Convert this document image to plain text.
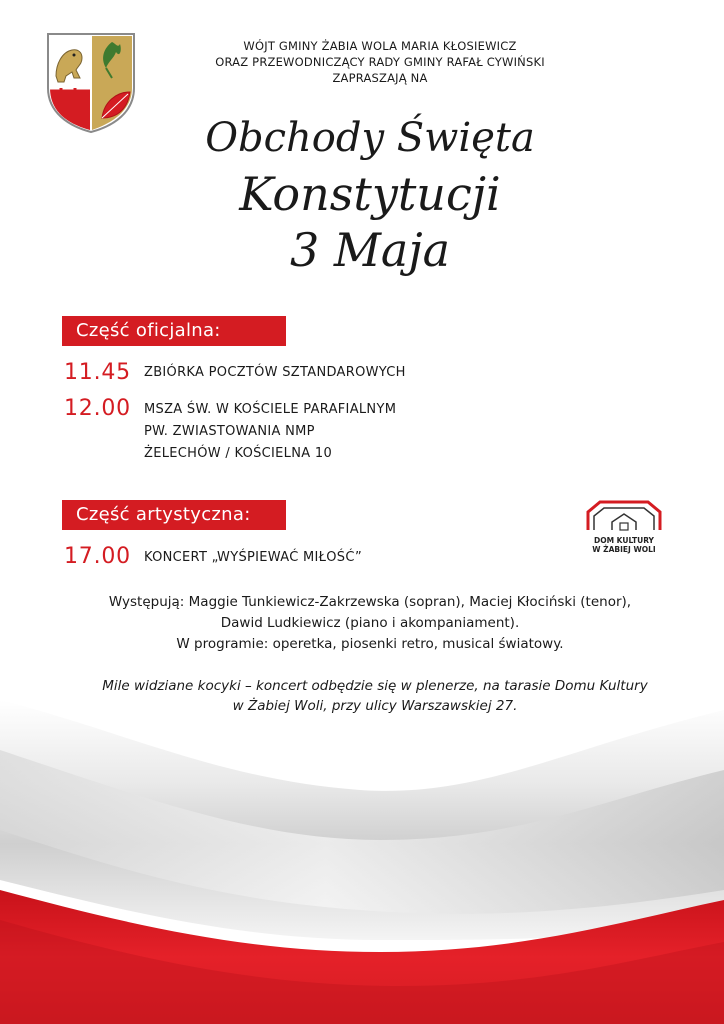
WÓJT GMINY ŻABIA WOLA MARIA KŁOSIEWICZ
ORAZ PRZEWODNICZĄCY RADY GMINY RAFAŁ CYWIŃSKI
ZAPRASZAJĄ NA
Obchody Święta
Konstytucji
3 Maja
Część oficjalna:
11.45 ZBIÓRKA POCZTÓW SZTANDAROWYCH
12.00 MSZA ŚW. W KOŚCIELE PARAFIALNYM
PW. ZWIASTOWANIA NMP
ŻELECHÓW / KOŚCIELNA 10
Część artystyczna:
17.00 KONCERT „WYŚPIEWAĆ MIŁOŚĆ”
DOM KULTURY
W ŻABIEJ WOLI
Występują: Maggie Tunkiewicz-Zakrzewska (sopran), Maciej Kłociński (tenor),
Dawid Ludkiewicz (piano i akompaniament).
W programie: operetka, piosenki retro, musical światowy.
Mile widziane kocyki – koncert odbędzie się w plenerze, na tarasie Domu Kultury
w Żabiej Woli, przy ulicy Warszawskiej 27.
